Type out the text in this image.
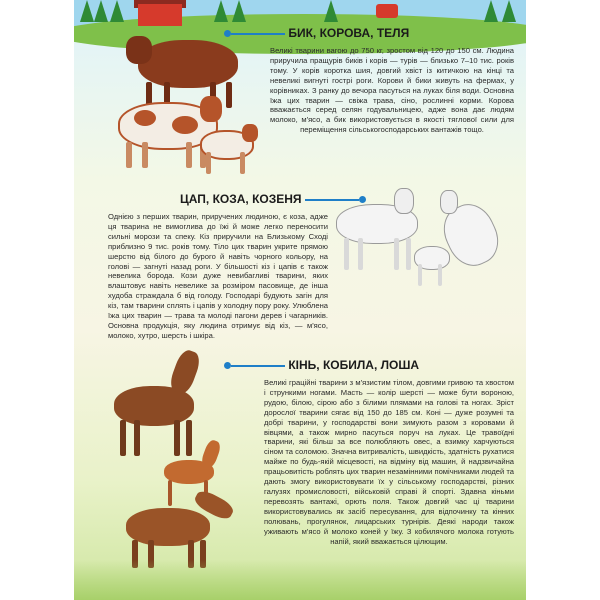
БИК, КОРОВА, ТЕЛЯ
Великі тварини вагою до 750 кг, зростом від 120 до 150 см. Людина приручила пращурів биків і корів — турів — близько 7–10 тис. років тому. У корів коротка шия, довгий хвіст із китичкою на кінці та невеликі вигнуті гострі роги. Корови й бики живуть на фермах, у корівниках. З ранку до вечора пасуться на луках біля води. Основна їжа цих тварин — свіжа трава, сіно, рослинні корми. Корова вважається серед селян годувальницею, адже вона дає людям молоко, м'ясо, а бик використовується в якості тяглової сили для переміщення сільськогосподарських вантажів тощо.
ЦАП, КОЗА, КОЗЕНЯ
Однією з перших тварин, приручених людиною, є коза, адже ця тварина не вимоглива до їжі й може легко переносити сильні морози та спеку. Кіз приручили на Близькому Сході приблизно 9 тис. років тому. Тіло цих тварин укрите прямою шерстю від білого до бурого й навіть чорного кольору, на голові — загнуті назад роги. У більшості кіз і цапів є також невелика борода. Кози дуже невибагливі тварини, яких влаштовує навіть невелике за розміром пасовище, де інша худоба страждала б від голоду. Господарі будують загін для кіз, там тварини сплять і цапів у холодну пору року. Улюблена їжа цих тварин — трава та молоді пагони дерев і чагарників. Основна продукція, яку людина отримує від кіз, — м'ясо, молоко, хутро, шерсть і шкіра.
КІНЬ, КОБИЛА, ЛОША
Великі граційні тварини з м'язистим тілом, довгими гривою та хвостом і стрункими ногами. Масть — колір шерсті — може бути вороною, рудою, білою, сірою або з білими плямами на голові та ногах. Зріст дорослої тварини сягає від 150 до 185 см. Коні — дуже розумні та добрі тварини, у господарстві вони зимують разом з коровами й вівцями, а також мирно пасуться поруч на луках. Це травоїдні тварини, які більш за все полюбляють овес, а взимку харчуються сіном та соломою. Значна витривалість, швидкість, здатність рухатися майже по будь-якій місцевості, на відміну від машин, й надзвичайна працьовитість роблять цих тварин незамінними помічниками людей та дають змогу використовувати їх у сільському господарстві, різних галузях промисловості, військовій справі й спорті. Здавна кіньми перевозять вантажі, орють поля. Також довгий час ці тварини використовувались як засіб пересування, для відпочинку та кінних полювань, прогулянок, лицарських турнірів. Деякі народи також уживають м'ясо й молоко коней у їжу. З кобилячого молока готують напій, який вважається цілющим.
